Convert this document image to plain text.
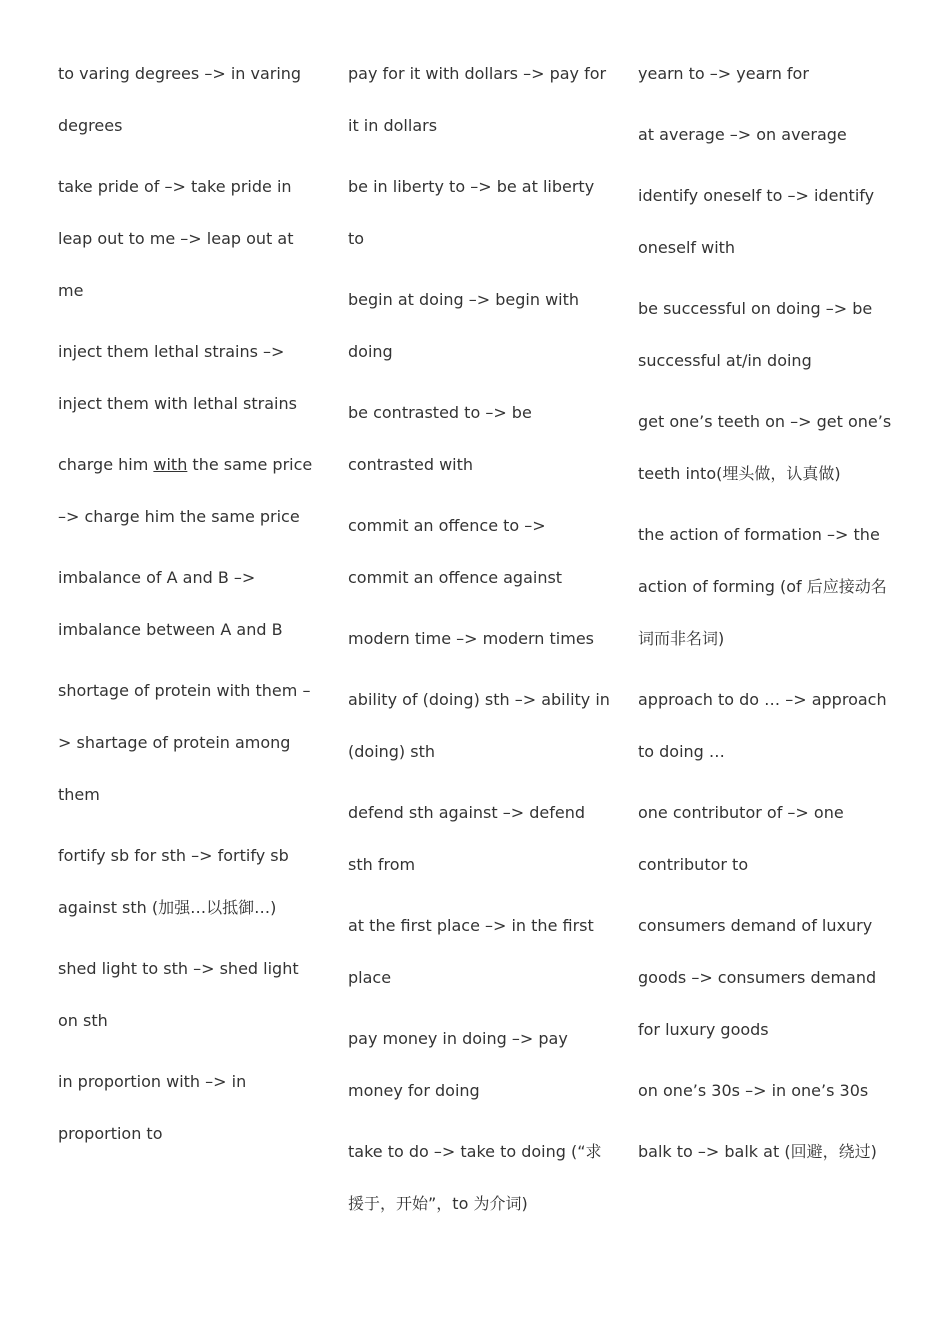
to varing degrees –> in varing degrees
take pride of –> take pride in
leap out to me –> leap out at me
inject them lethal strains –> inject them with lethal strains
charge him with the same price –> charge him the same price
imbalance of A and B –> imbalance between A and B
shortage of protein with them –> shartage of protein among them
fortify sb for sth –> fortify sb against sth (加强…以抵御…)
shed light to sth –> shed light on sth
in proportion with –> in proportion to
pay for it with dollars –> pay for it in dollars
be in liberty to –> be at liberty to
begin at doing –> begin with doing
be contrasted to –> be contrasted with
commit an offence to –> commit an offence against
modern time –> modern times
ability of (doing) sth –> ability in (doing) sth
defend sth against –> defend sth from
at the first place –> in the first place
pay money in doing –> pay money for doing
take to do –> take to doing (“求援于，开始”，to 为介词)
yearn to –> yearn for
at average –> on average
identify oneself to –> identify oneself with
be successful on doing –> be successful at/in doing
get one’s teeth on –> get one’s teeth into(埋头做，认真做)
the action of formation –> the action of forming (of 后应接动名词而非名词)
approach to do … –> approach to doing …
one contributor of –> one contributor to
consumers demand of luxury goods –> consumers demand for luxury goods
on one’s 30s –> in one’s 30s
balk to –> balk at (回避，绕过)
